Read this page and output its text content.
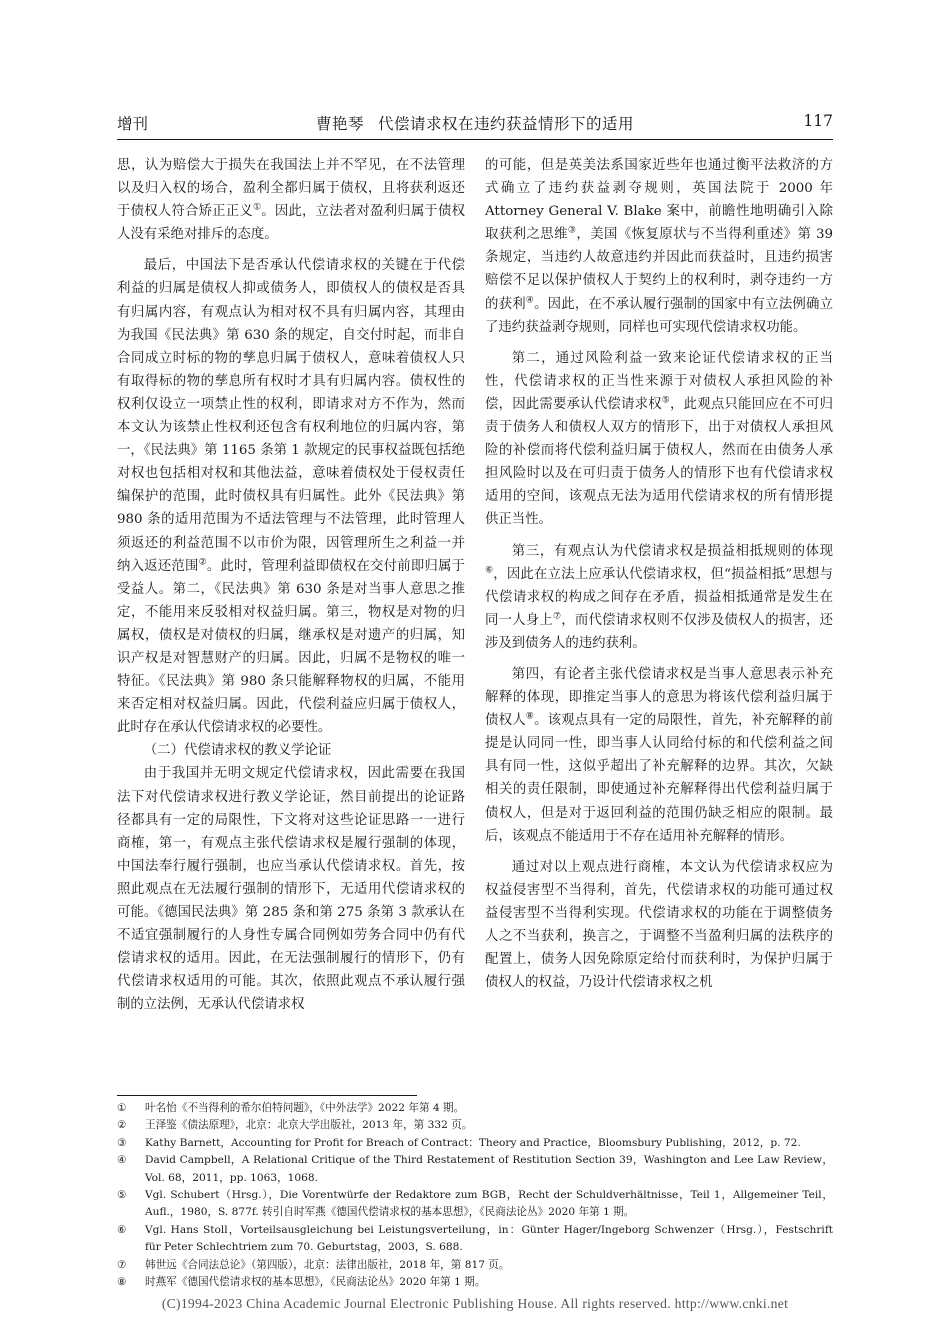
增刊	曹艳琴 代偿请求权在违约获益情形下的适用	117

思，认为赔偿大于损失在我国法上并不罕见，在不法管理以及归入权的场合，盈利全都归属于债权，且将获利返还于债权人符合矫正正义①。因此，立法者对盈利归属于债权人没有采绝对排斥的态度。

最后，中国法下是否承认代偿请求权的关键在于代偿利益的归属是债权人抑或债务人，即债权人的债权是否具有归属内容，有观点认为相对权不具有归属内容，其理由为我国《民法典》第 630 条的规定，自交付时起，而非自合同成立时标的物的孳息归属于债权人，意味着债权人只有取得标的物的孳息所有权时才具有归属内容。债权性的权利仅设立一项禁止性的权利，即请求对方不作为，然而本文认为该禁止性权利还包含有权利地位的归属内容，第一，《民法典》第 1165 条第 1 款规定的民事权益既包括绝对权也包括相对权和其他法益，意味着债权处于侵权责任编保护的范围，此时债权具有归属性。此外《民法典》第 980 条的适用范围为不适法管理与不法管理，此时管理人须返还的利益范围不以市价为限，因管理所生之利益一并纳入返还范围②。此时，管理利益即债权在交付前即归属于受益人。第二，《民法典》第 630 条是对当事人意思之推定，不能用来反驳相对权益归属。第三，物权是对物的归属权，债权是对债权的归属，继承权是对遗产的归属，知识产权是对智慧财产的归属。因此，归属不是物权的唯一特征。《民法典》第 980 条只能解释物权的归属，不能用来否定相对权益归属。因此，代偿利益应归属于债权人，此时存在承认代偿请求权的必要性。

（二）代偿请求权的教义学论证

由于我国并无明文规定代偿请求权，因此需要在我国法下对代偿请求权进行教义学论证，然目前提出的论证路径都具有一定的局限性，下文将对这些论证思路一一进行商榷，第一，有观点主张代偿请求权是履行强制的体现，中国法奉行履行强制，也应当承认代偿请求权。首先，按照此观点在无法履行强制的情形下，无适用代偿请求权的可能。《德国民法典》第 285 条和第 275 条第 3 款承认在不适宜强制履行的人身性专属合同例如劳务合同中仍有代偿请求权的适用。因此，在无法强制履行的情形下，仍有代偿请求权适用的可能。其次，依照此观点不承认履行强制的立法例，无承认代偿请求权

的可能，但是英美法系国家近些年也通过衡平法救济的方式确立了违约获益剥夺规则，英国法院于 2000 年 Attorney General V. Blake 案中，前瞻性地明确引入除取获利之思维③，美国《恢复原状与不当得利重述》第 39 条规定，当违约人故意违约并因此而获益时，且违约损害赔偿不足以保护债权人于契约上的权利时，剥夺违约一方的获利④。因此，在不承认履行强制的国家中有立法例确立了违约获益剥夺规则，同样也可实现代偿请求权功能。

第二，通过风险利益一致来论证代偿请求权的正当性，代偿请求权的正当性来源于对债权人承担风险的补偿，因此需要承认代偿请求权⑤，此观点只能回应在不可归责于债务人和债权人双方的情形下，出于对债权人承担风险的补偿而将代偿利益归属于债权人，然而在由债务人承担风险时以及在可归责于债务人的情形下也有代偿请求权适用的空间，该观点无法为适用代偿请求权的所有情形提供正当性。

第三，有观点认为代偿请求权是损益相抵规则的体现⑥，因此在立法上应承认代偿请求权，但“损益相抵”思想与代偿请求权的构成之间存在矛盾，损益相抵通常是发生在同一人身上⑦，而代偿请求权则不仅涉及债权人的损害，还涉及到债务人的违约获利。

第四，有论者主张代偿请求权是当事人意思表示补充解释的体现，即推定当事人的意思为将该代偿利益归属于债权人⑧。该观点具有一定的局限性，首先，补充解释的前提是认同同一性，即当事人认同给付标的和代偿利益之间具有同一性，这似乎超出了补充解释的边界。其次，欠缺相关的责任限制，即使通过补充解释得出代偿利益归属于债权人，但是对于返回利益的范围仍缺乏相应的限制。最后，该观点不能适用于不存在适用补充解释的情形。

通过对以上观点进行商榷，本文认为代偿请求权应为权益侵害型不当得利，首先，代偿请求权的功能可通过权益侵害型不当得利实现。代偿请求权的功能在于调整债务人之不当获利，换言之，于调整不当盈利归属的法秩序的配置上，债务人因免除原定给付而获利时，为保护归属于债权人的权益，乃设计代偿请求权之机

①	叶名怡《不当得利的希尔伯特问题》，《中外法学》2022 年第 4 期。
②	王泽鉴《债法原理》，北京：北京大学出版社，2013 年，第 332 页。
③	Kathy Barnett，Accounting for Profit for Breach of Contract：Theory and Practice，Bloomsbury Publishing，2012，p. 72.
④	David Campbell，A Relational Critique of the Third Restatement of Restitution Section 39，Washington and Lee Law Review，Vol. 68，2011，pp. 1063，1068.
⑤	Vgl. Schubert（Hrsg.），Die Vorentwürfe der Redaktore zum BGB，Recht der Schuldverhältnisse，Teil 1，Allgemeiner Teil，Aufl.，1980，S. 877f. 转引自时军燕《德国代偿请求权的基本思想》，《民商法论丛》2020 年第 1 期。
⑥	Vgl. Hans Stoll，Vorteilsausgleichung bei Leistungsverteilung，in：Günter Hager/Ingeborg Schwenzer（Hrsg.），Festschrift für Peter Schlechtriem zum 70. Geburtstag，2003，S. 688.
⑦	韩世远《合同法总论》（第四版），北京：法律出版社，2018 年，第 817 页。
⑧	时燕军《德国代偿请求权的基本思想》，《民商法论丛》2020 年第 1 期。
(C)1994-2023 China Academic Journal Electronic Publishing House. All rights reserved. http://www.cnki.net
